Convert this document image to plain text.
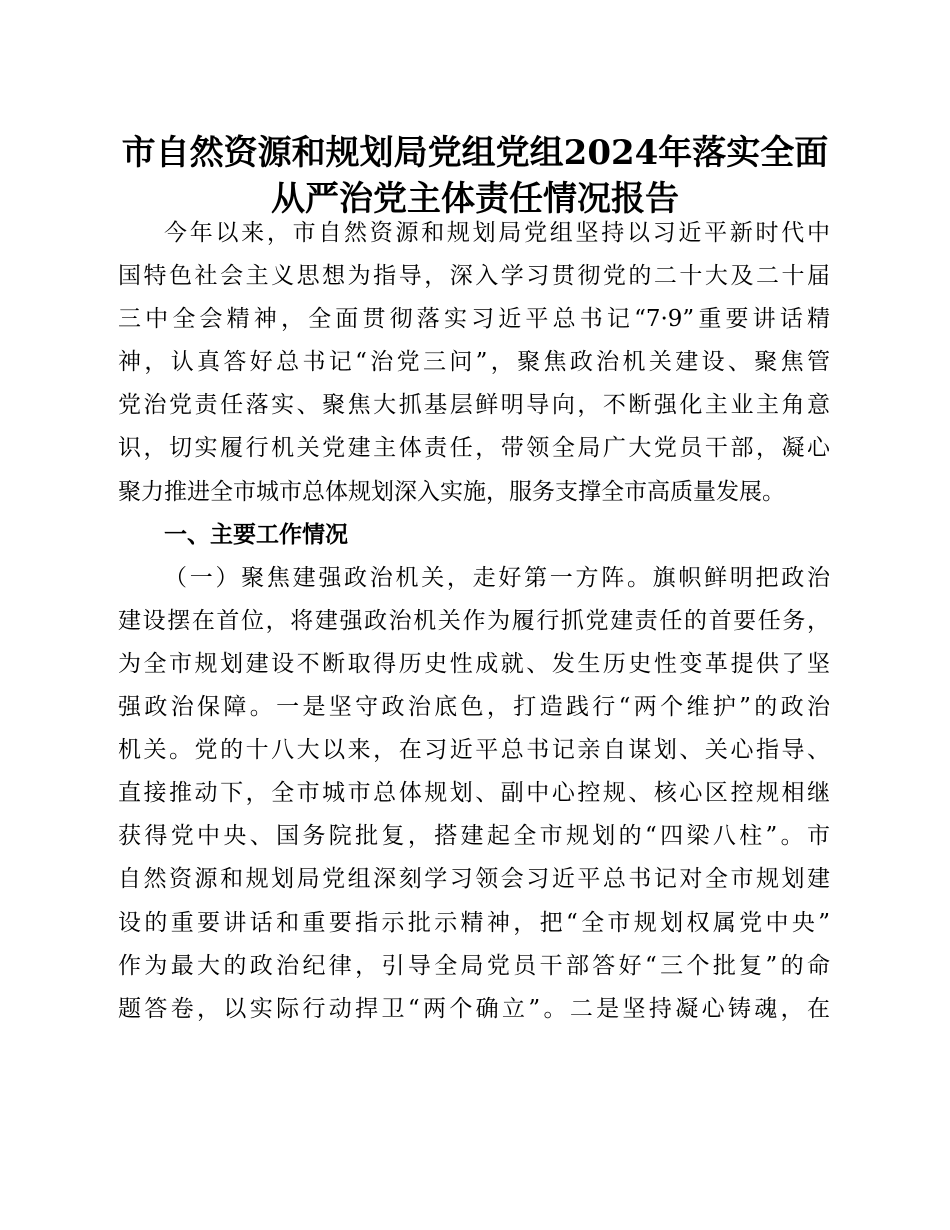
市自然资源和规划局党组党组2024年落实全面
从严治党主体责任情况报告
今年以来，市自然资源和规划局党组坚持以习近平新时代中
国特色社会主义思想为指导，深入学习贯彻党的二十大及二十届
三中全会精神，全面贯彻落实习近平总书记“7·9”重要讲话精
神，认真答好总书记“治党三问”，聚焦政治机关建设、聚焦管
党治党责任落实、聚焦大抓基层鲜明导向，不断强化主业主角意
识，切实履行机关党建主体责任，带领全局广大党员干部，凝心
聚力推进全市城市总体规划深入实施，服务支撑全市高质量发展。
一、主要工作情况
（一）聚焦建强政治机关，走好第一方阵。旗帜鲜明把政治
建设摆在首位，将建强政治机关作为履行抓党建责任的首要任务，
为全市规划建设不断取得历史性成就、发生历史性变革提供了坚
强政治保障。一是坚守政治底色，打造践行“两个维护”的政治
机关。党的十八大以来，在习近平总书记亲自谋划、关心指导、
直接推动下，全市城市总体规划、副中心控规、核心区控规相继
获得党中央、国务院批复，搭建起全市规划的“四梁八柱”。市
自然资源和规划局党组深刻学习领会习近平总书记对全市规划建
设的重要讲话和重要指示批示精神，把“全市规划权属党中央”
作为最大的政治纪律，引导全局党员干部答好“三个批复”的命
题答卷，以实际行动捍卫“两个确立”。二是坚持凝心铸魂，在
